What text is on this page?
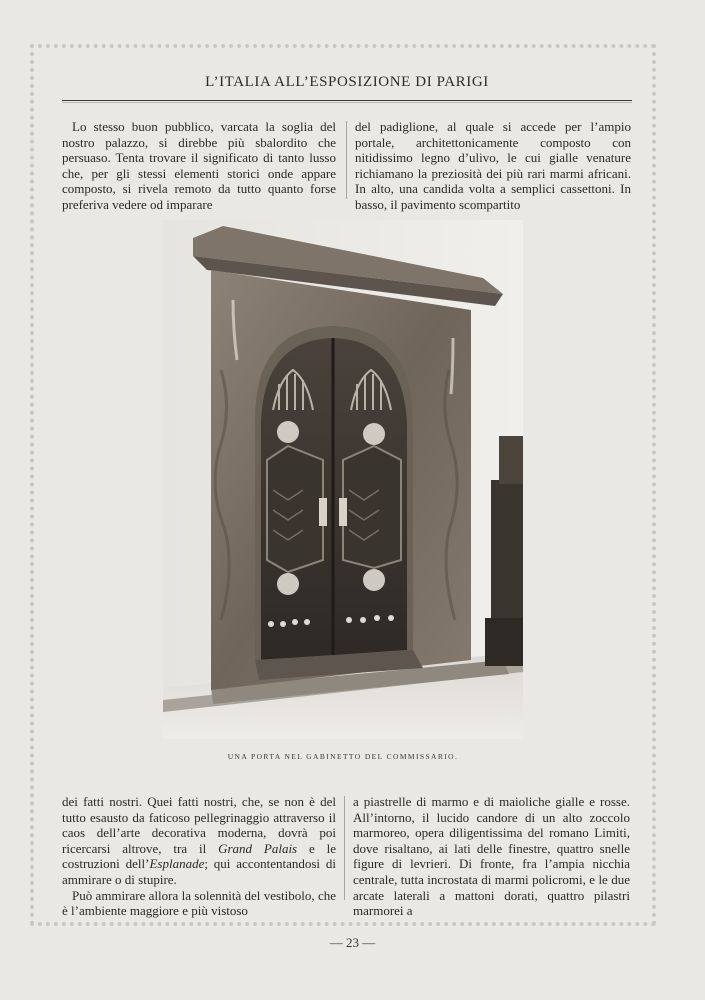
L’ITALIA ALL’ESPOSIZIONE DI PARIGI

Lo stesso buon pubblico, varcata la soglia del nostro palazzo, si direbbe più sbalordito che persuaso. Tenta trovare il significato di tanto lusso che, per gli stessi elementi storici onde appare composto, si rivela remoto da tutto quanto forse preferiva vedere od imparare

del padiglione, al quale si accede per l’ampio portale, architettonicamente composto con nitidissimo legno d’ulivo, le cui gialle venature richiamano la preziosità dei più rari marmi africani. In alto, una candida volta a semplici cassettoni. In basso, il pavimento scompartito

UNA PORTA NEL GABINETTO DEL COMMISSARIO.

dei fatti nostri. Quei fatti nostri, che, se non è del tutto esausto da faticoso pellegrinaggio attraverso il caos dell’arte decorativa moderna, dovrà poi ricercarsi altrove, tra il Grand Palais e le costruzioni dell’Esplanade; qui accontentandosi di ammirare o di stupire.

Può ammirare allora la solennità del vestibolo, che è l’ambiente maggiore e più vistoso

a piastrelle di marmo e di maioliche gialle e rosse. All’intorno, il lucido candore di un alto zoccolo marmoreo, opera diligentissima del romano Limiti, dove risaltano, ai lati delle finestre, quattro snelle figure di levrieri. Di fronte, fra l’ampia nicchia centrale, tutta incrostata di marmi policromi, e le due arcate laterali a mattoni dorati, quattro pilastri marmorei a

— 23 —
